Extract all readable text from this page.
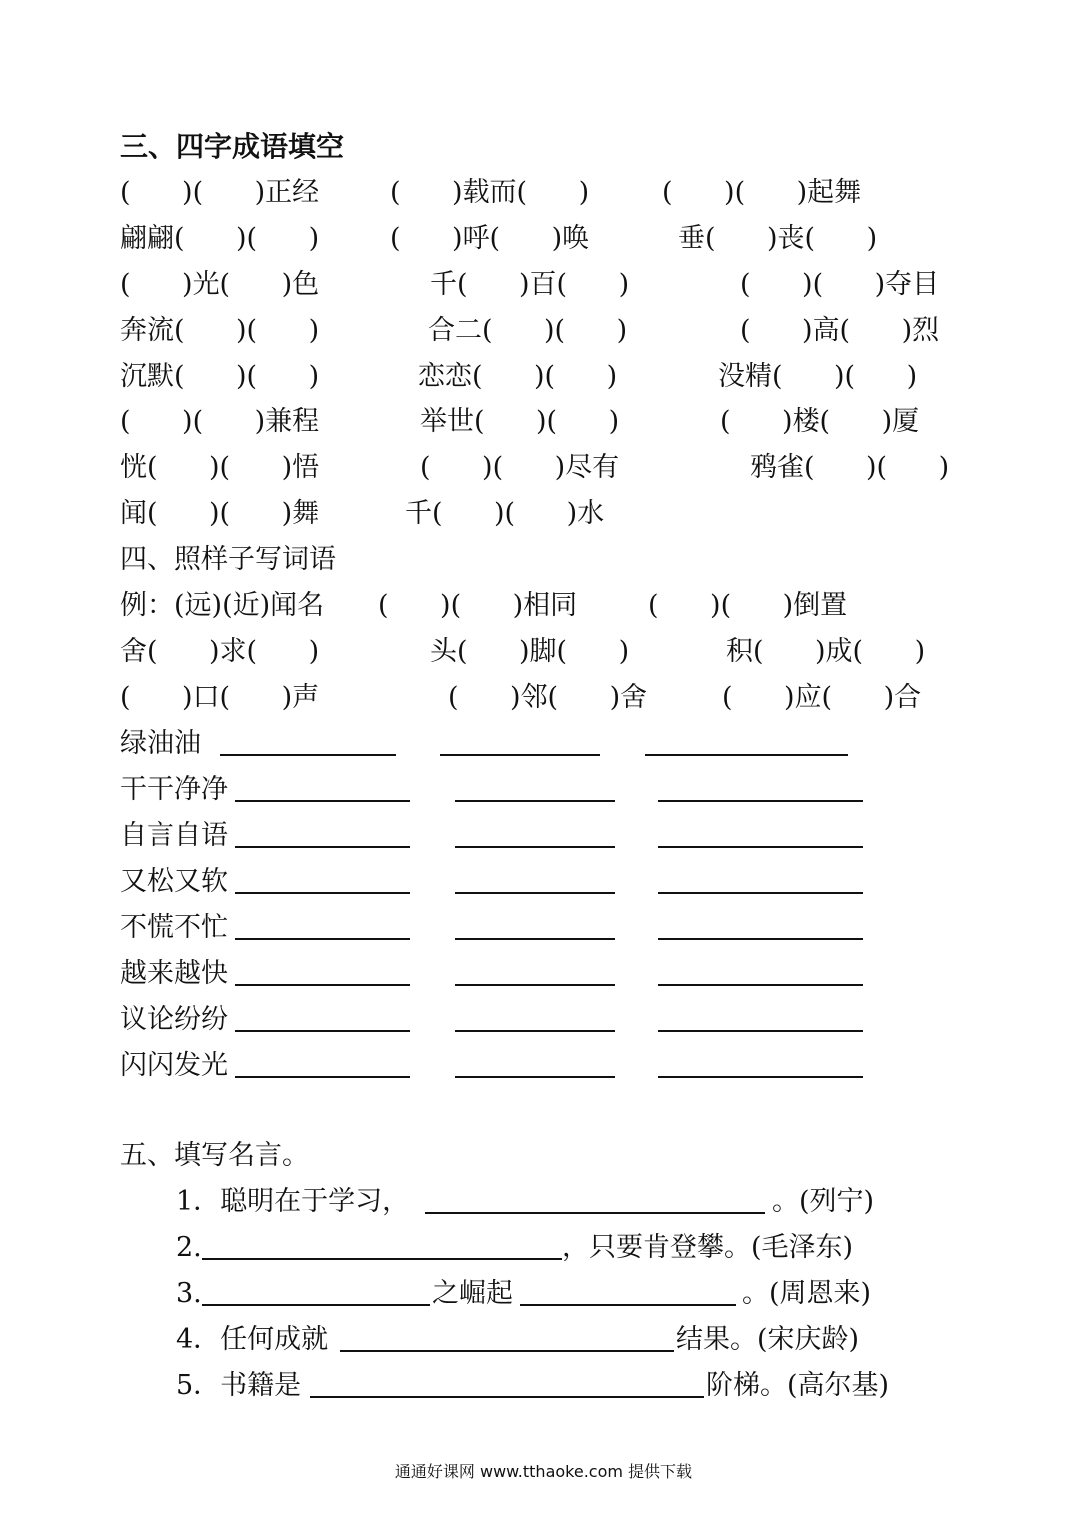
三、四字成语填空
(      )(      )正经	(      )载而(      )	(      )(      )起舞
翩翩(      )(      )	(      )呼(      )唤	垂(      )丧(      )
(      )光(      )色	千(      )百(      )	(      )(      )夺目
奔流(      )(      )	合二(      )(      )	(      )高(      )烈
沉默(      )(      )	恋恋(      )(      )	没精(      )(      )
(      )(      )兼程	举世(      )(      )	(      )楼(      )厦
恍(      )(      )悟	(      )(      )尽有	鸦雀(      )(      )
闻(      )(      )舞	千(      )(      )水
四、照样子写词语
例：(远)(近)闻名 (      )(      )相同	(      )(      )倒置
舍(      )求(      )	头(      )脚(      )	积(      )成(      )
(      )口(      )声	(      )邻(      )舍	(      )应(      )合
绿油油
干干净净
自言自语
又松又软
不慌不忙
越来越快
议论纷纷
闪闪发光
五、填写名言。
1．聪明在于学习，	。(列宁)
2.	，只要肯登攀。(毛泽东)
3.	之崛起	。(周恩来)
4．任何成就	结果。(宋庆龄)
5．书籍是	阶梯。(高尔基)
通通好课网 www.tthaoke.com 提供下载
